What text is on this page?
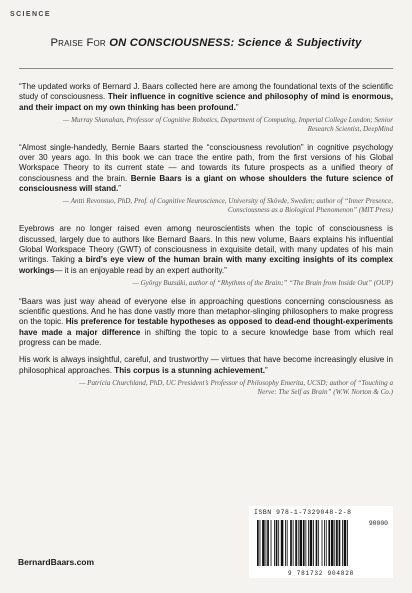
SCIENCE
Praise For ON CONSCIOUSNESS: Science & Subjectivity

“The updated works of Bernard J. Baars collected here are among the foundational texts of the scientific study of consciousness. Their influence in cognitive science and philosophy of mind is enormous, and their impact on my own thinking has been profound.”

— Murray Shanahan, Professor of Cognitive Robotics, Department of Computing, Imperial College London; Senior Research Scientist, DeepMind

“Almost single-handedly, Bernie Baars started the “consciousness revolution” in cognitive psychology over 30 years ago. In this book we can trace the entire path, from the first versions of his Global Workspace Theory to its current state — and towards its future prospects as a unified theory of consciousness and the brain. Bernie Baars is a giant on whose shoulders the future science of consciousness will stand.”

— Antti Revonsuo, PhD, Prof. of Cognitive Neuroscience, University of Skövde, Sweden; author of “Inner Presence, Consciousness as a Biological Phenomenon” (MIT Press)

Eyebrows are no longer raised even among neuroscientists when the topic of consciousness is discussed, largely due to authors like Bernard Baars. In this new volume, Baars explains his influential Global Workspace Theory (GWT) of consciousness in exquisite detail, with many updates of his main writings. Taking a bird’s eye view of the human brain with many exciting insights of its complex workings— it is an enjoyable read by an expert authority.”

— György Buzsáki, author of “Rhythms of the Brain;” “The Brain from Inside Out” (OUP)

“Baars was just way ahead of everyone else in approaching questions concerning consciousness as scientific questions. And he has done vastly more than metaphor-slinging philosophers to make progress on the topic. His preference for testable hypotheses as opposed to dead-end thought-experiments have made a major difference in shifting the topic to a secure knowledge base from which real progress can be made.

His work is always insightful, careful, and trustworthy — virtues that have become increasingly elusive in philosophical approaches. This corpus is a stunning achievement.”

— Patricia Churchland, PhD, UC President’s Professor of Philosophy Emerita, UCSD; author of “Touching a Nerve: The Self as Brain” (W.W. Norton & Co.)
BernardBaars.com
ISBN 978-1-7329048-2-8
90000
9 781732 904828
